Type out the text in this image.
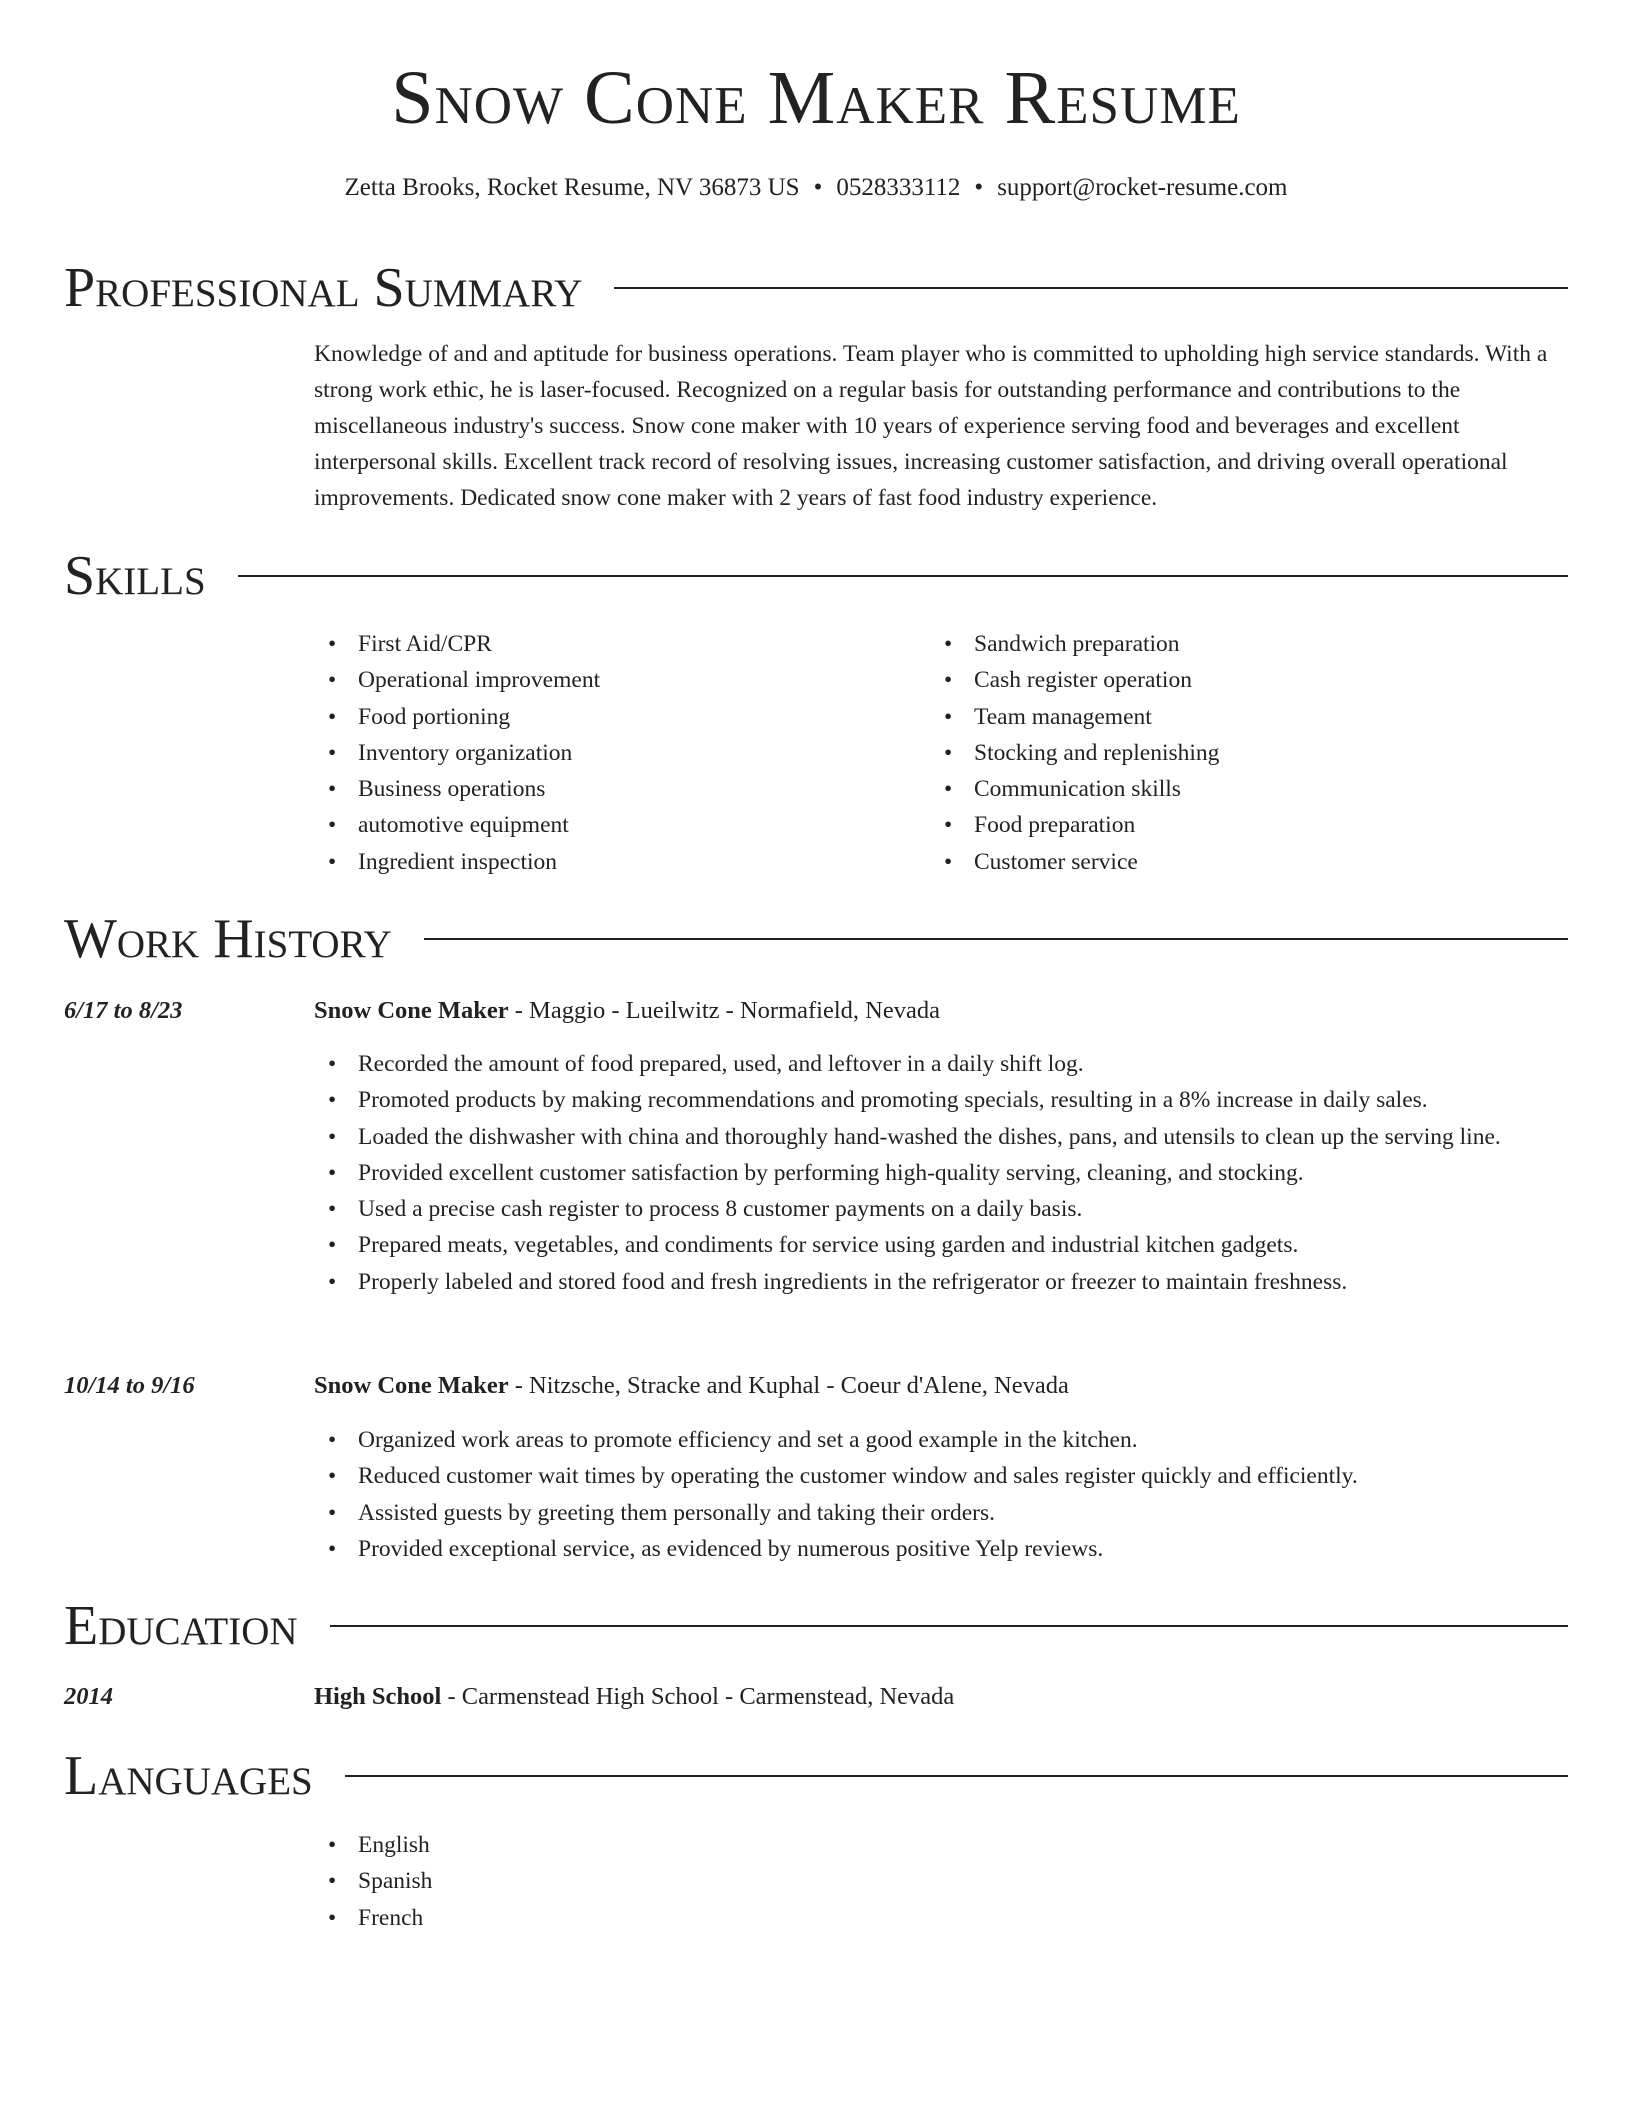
Snow Cone Maker Resume
Zetta Brooks, Rocket Resume, NV 36873 US • 0528333112 • support@rocket-resume.com
Professional Summary

Knowledge of and and aptitude for business operations. Team player who is committed to upholding high service standards. With a strong work ethic, he is laser-focused. Recognized on a regular basis for outstanding performance and contributions to the miscellaneous industry's success. Snow cone maker with 10 years of experience serving food and beverages and excellent interpersonal skills. Excellent track record of resolving issues, increasing customer satisfaction, and driving overall operational improvements. Dedicated snow cone maker with 2 years of fast food industry experience.

Skills
• First Aid/CPR
• Operational improvement
• Food portioning
• Inventory organization
• Business operations
• automotive equipment
• Ingredient inspection
• Sandwich preparation
• Cash register operation
• Team management
• Stocking and replenishing
• Communication skills
• Food preparation
• Customer service
Work History
6/17 to 8/23	Snow Cone Maker - Maggio - Lueilwitz - Normafield, Nevada
• Recorded the amount of food prepared, used, and leftover in a daily shift log.
• Promoted products by making recommendations and promoting specials, resulting in a 8% increase in daily sales.
• Loaded the dishwasher with china and thoroughly hand-washed the dishes, pans, and utensils to clean up the serving line.
• Provided excellent customer satisfaction by performing high-quality serving, cleaning, and stocking.
• Used a precise cash register to process 8 customer payments on a daily basis.
• Prepared meats, vegetables, and condiments for service using garden and industrial kitchen gadgets.
• Properly labeled and stored food and fresh ingredients in the refrigerator or freezer to maintain freshness.
10/14 to 9/16	Snow Cone Maker - Nitzsche, Stracke and Kuphal - Coeur d'Alene, Nevada
• Organized work areas to promote efficiency and set a good example in the kitchen.
• Reduced customer wait times by operating the customer window and sales register quickly and efficiently.
• Assisted guests by greeting them personally and taking their orders.
• Provided exceptional service, as evidenced by numerous positive Yelp reviews.
Education
2014	High School - Carmenstead High School - Carmenstead, Nevada
Languages
• English
• Spanish
• French
